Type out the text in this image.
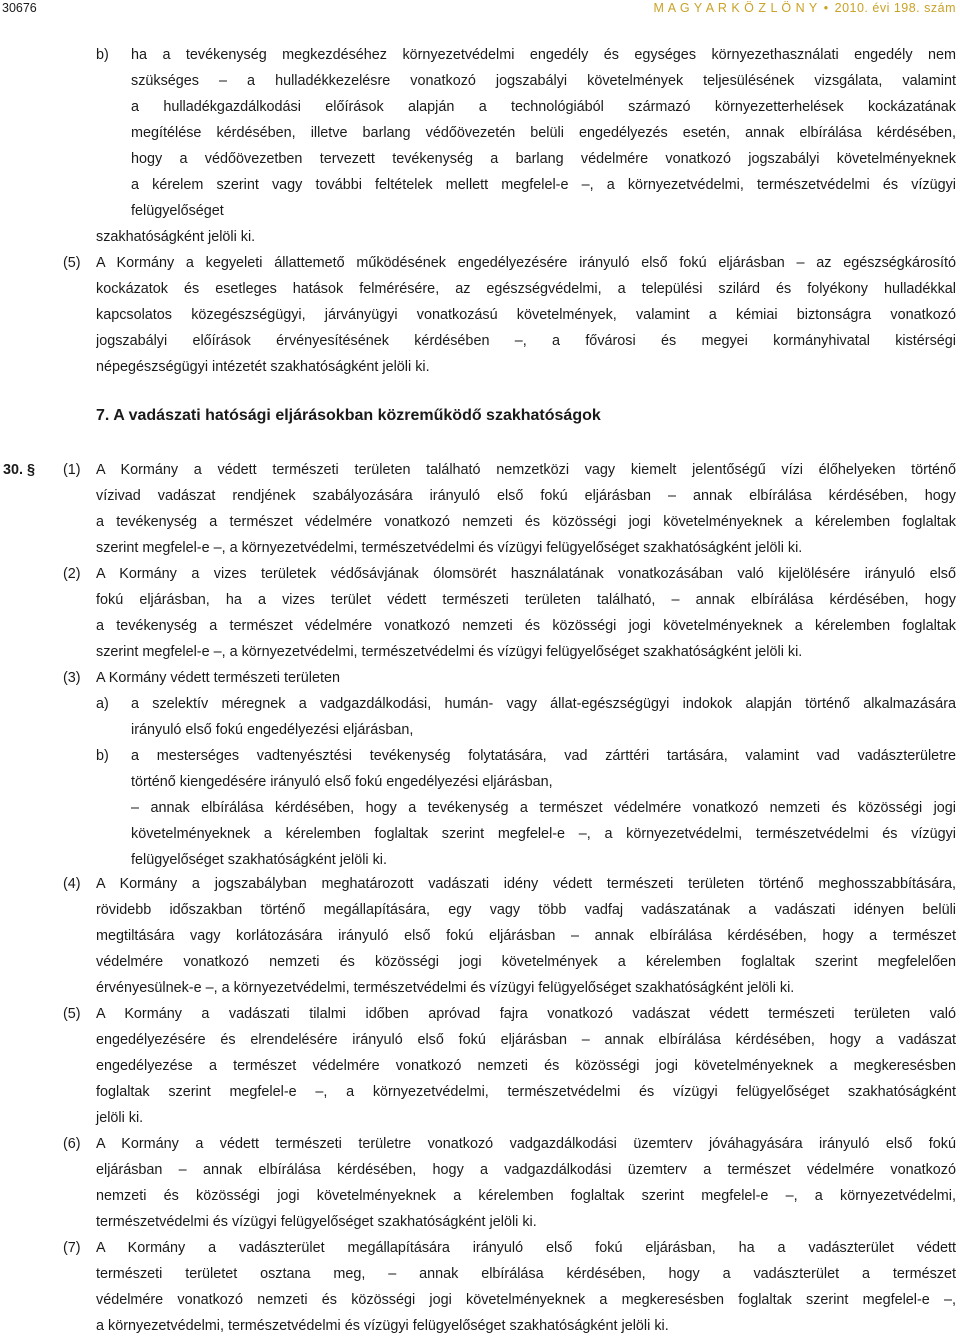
30676	M A G Y A R K Ö Z L Ö N Y • 2010. évi 198. szám
b) ha a tevékenység megkezdéséhez környezetvédelmi engedély és egységes környezethasználati engedély nem
szükséges – a hulladékkezelésre vonatkozó jogszabályi követelmények teljesülésének vizsgálata, valamint
a hulladékgazdálkodási előírások alapján a technológiából származó környezetterhelések kockázatának
megítélése kérdésében, illetve barlang védőövezetén belüli engedélyezés esetén, annak elbírálása kérdésében,
hogy a védőövezetben tervezett tevékenység a barlang védelmére vonatkozó jogszabályi követelményeknek
a kérelem szerint vagy további feltételek mellett megfelel-e –, a környezetvédelmi, természetvédelmi és vízügyi
felügyelőséget
szakhatóságként jelöli ki.
(5) A Kormány a kegyeleti állattemető működésének engedélyezésére irányuló első fokú eljárásban – az egészségkárosító
kockázatok és esetleges hatások felmérésére, az egészségvédelmi, a települési szilárd és folyékony hulladékkal
kapcsolatos közegészségügyi, járványügyi vonatkozású követelmények, valamint a kémiai biztonságra vonatkozó
jogszabályi előírások érvényesítésének kérdésében –, a fővárosi és megyei kormányhivatal kistérségi
népegészségügyi intézetét szakhatóságként jelöli ki.
30. § (1) A Kormány a védett természeti területen található nemzetközi vagy kiemelt jelentőségű vízi élőhelyeken történő
vízivad vadászat rendjének szabályozására irányuló első fokú eljárásban – annak elbírálása kérdésében, hogy
a tevékenység a természet védelmére vonatkozó nemzeti és közösségi jogi követelményeknek a kérelemben foglaltak
szerint megfelel-e –, a környezetvédelmi, természetvédelmi és vízügyi felügyelőséget szakhatóságként jelöli ki.
(2) A Kormány a vizes területek védősávjának ólomsörét használatának vonatkozásában való kijelölésére irányuló első
fokú eljárásban, ha a vizes terület védett természeti területen található, – annak elbírálása kérdésében, hogy
a tevékenység a természet védelmére vonatkozó nemzeti és közösségi jogi követelményeknek a kérelemben foglaltak
szerint megfelel-e –, a környezetvédelmi, természetvédelmi és vízügyi felügyelőséget szakhatóságként jelöli ki.
(3) A Kormány védett természeti területen
a) a szelektív méregnek a vadgazdálkodási, humán- vagy állat-egészségügyi indokok alapján történő alkalmazására
irányuló első fokú engedélyezési eljárásban,
b) a mesterséges vadtenyésztési tevékenység folytatására, vad zárttéri tartására, valamint vad vadászterületre
történő kiengedésére irányuló első fokú engedélyezési eljárásban,
– annak elbírálása kérdésében, hogy a tevékenység a természet védelmére vonatkozó nemzeti és közösségi jogi
követelményeknek a kérelemben foglaltak szerint megfelel-e –, a környezetvédelmi, természetvédelmi és vízügyi
felügyelőséget szakhatóságként jelöli ki.
(4) A Kormány a jogszabályban meghatározott vadászati idény védett természeti területen történő meghosszabbítására,
rövidebb időszakban történő megállapítására, egy vagy több vadfaj vadászatának a vadászati idényen belüli
megtiltására vagy korlátozására irányuló első fokú eljárásban – annak elbírálása kérdésében, hogy a természet
védelmére vonatkozó nemzeti és közösségi jogi követelmények a kérelemben foglaltak szerint megfelelően
érvényesülnek-e –, a környezetvédelmi, természetvédelmi és vízügyi felügyelőséget szakhatóságként jelöli ki.
(5) A Kormány a vadászati tilalmi időben apróvad fajra vonatkozó vadászat védett természeti területen való
engedélyezésére és elrendelésére irányuló első fokú eljárásban – annak elbírálása kérdésében, hogy a vadászat
engedélyezése a természet védelmére vonatkozó nemzeti és közösségi jogi követelményeknek a megkeresésben
foglaltak szerint megfelel-e –, a környezetvédelmi, természetvédelmi és vízügyi felügyelőséget szakhatóságként
jelöli ki.
(6) A Kormány a védett természeti területre vonatkozó vadgazdálkodási üzemterv jóváhagyására irányuló első fokú
eljárásban – annak elbírálása kérdésében, hogy a vadgazdálkodási üzemterv a természet védelmére vonatkozó
nemzeti és közösségi jogi követelményeknek a kérelemben foglaltak szerint megfelel-e –, a környezetvédelmi,
természetvédelmi és vízügyi felügyelőséget szakhatóságként jelöli ki.
(7) A Kormány a vadászterület megállapítására irányuló első fokú eljárásban, ha a vadászterület védett
természeti területet osztana meg, – annak elbírálása kérdésében, hogy a vadászterület a természet
védelmére vonatkozó nemzeti és közösségi jogi követelményeknek a megkeresésben foglaltak szerint megfelel-e –,
a környezetvédelmi, természetvédelmi és vízügyi felügyelőséget szakhatóságként jelöli ki.
7. A vadászati hatósági eljárásokban közreműködő szakhatóságok
